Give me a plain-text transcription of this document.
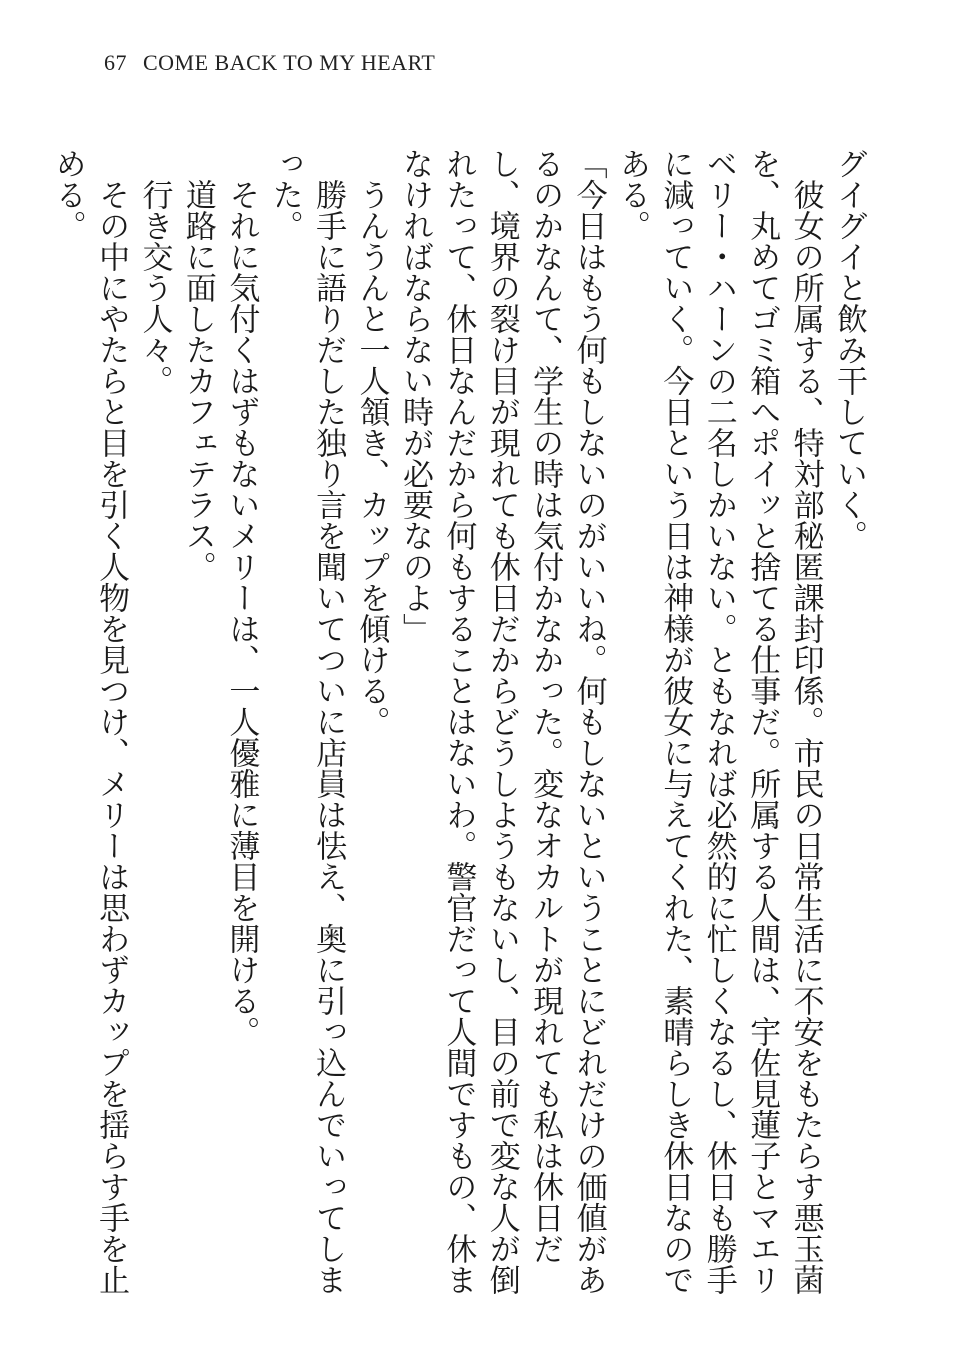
67 COME BACK TO MY HEART

グイグイと飲み干していく。

彼女の所属する、特対部秘匿課封印係。市民の日常生活に不安をもたらす悪玉菌を、丸めてゴミ箱へポイッと捨てる仕事だ。所属する人間は、宇佐見蓮子とマエリベリー・ハーンの二名しかいない。ともなれば必然的に忙しくなるし、休日も勝手に減っていく。今日という日は神様が彼女に与えてくれた、素晴らしき休日なのである。

「今日はもう何もしないのがいいね。何もしないということにどれだけの価値があるのかなんて、学生の時は気付かなかった。変なオカルトが現れても私は休日だし、境界の裂け目が現れても休日だからどうしようもないし、目の前で変な人が倒れたって、休日なんだから何もすることはないわ。警官だって人間ですもの、休まなければならない時が必要なのよ」

うんうんと一人頷き、カップを傾ける。

勝手に語りだした独り言を聞いてついに店員は怯え、奥に引っ込んでいってしまった。

それに気付くはずもないメリーは、一人優雅に薄目を開ける。

道路に面したカフェテラス。

行き交う人々。

その中にやたらと目を引く人物を見つけ、メリーは思わずカップを揺らす手を止める。
